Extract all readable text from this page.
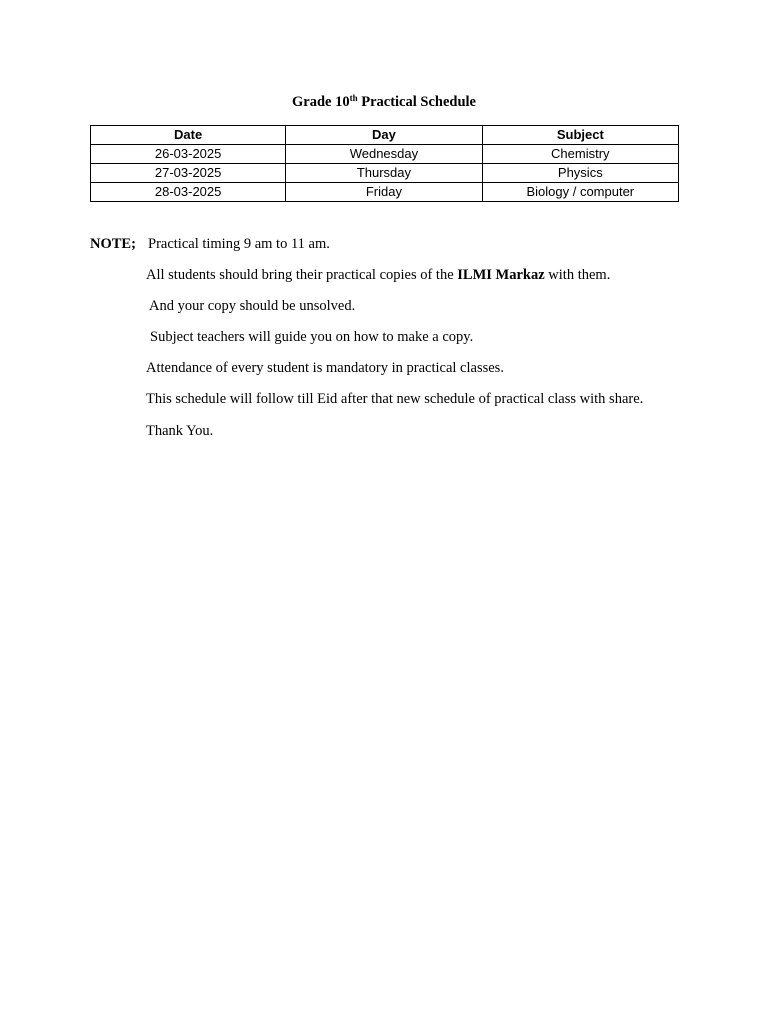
Grade 10th Practical Schedule
Date	Day	Subject
26-03-2025	Wednesday	Chemistry
27-03-2025	Thursday	Physics
28-03-2025	Friday	Biology / computer
NOTE; Practical timing 9 am to 11 am.
All students should bring their practical copies of the ILMI Markaz with them.
And your copy should be unsolved.
Subject teachers will guide you on how to make a copy.
Attendance of every student is mandatory in practical classes.
This schedule will follow till Eid after that new schedule of practical class with share.
Thank You.
